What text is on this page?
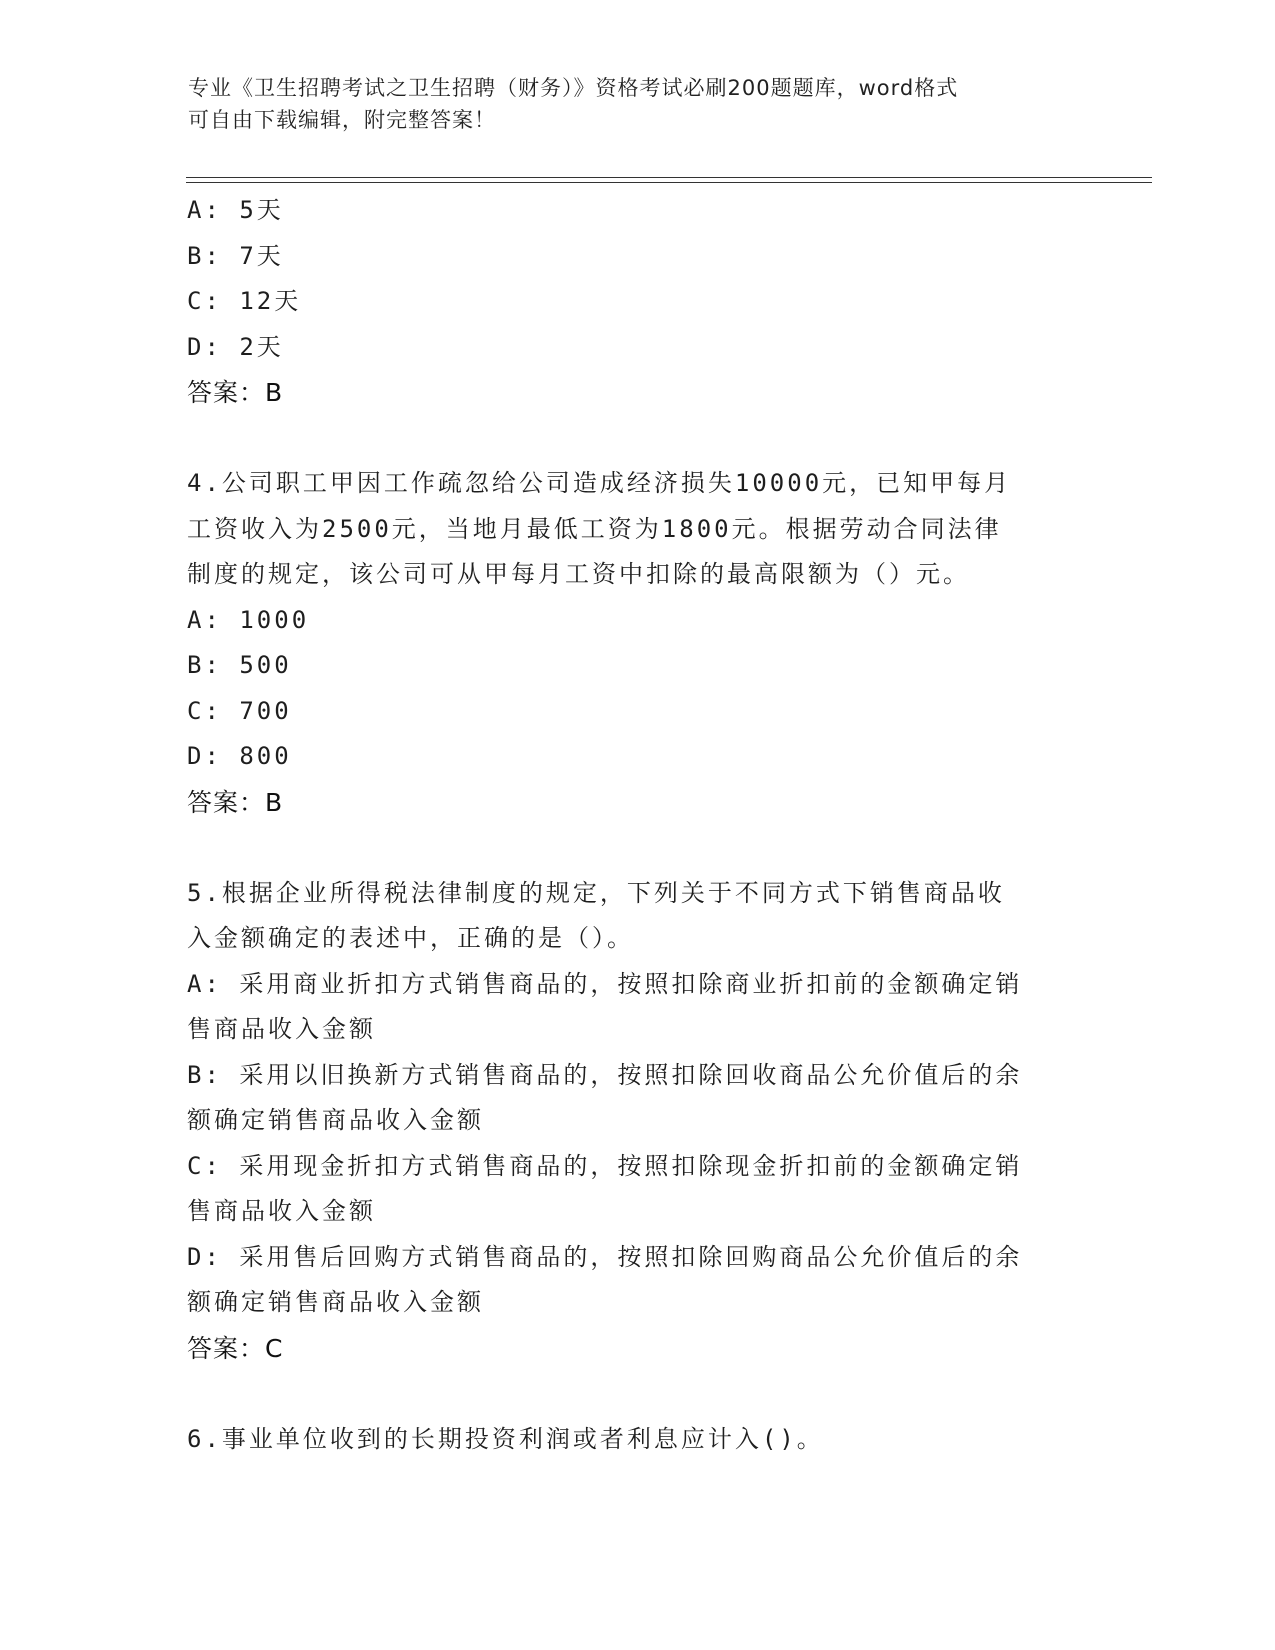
专业《卫生招聘考试之卫生招聘（财务）》资格考试必刷200题题库，word格式
可自由下载编辑，附完整答案！
A: 5天
B: 7天
C: 12天
D: 2天
答案：B
4.公司职工甲因工作疏忽给公司造成经济损失10000元，已知甲每月
工资收入为2500元，当地月最低工资为1800元。根据劳动合同法律
制度的规定，该公司可从甲每月工资中扣除的最高限额为（）元。
A: 1000
B: 500
C: 700
D: 800
答案：B
5.根据企业所得税法律制度的规定，下列关于不同方式下销售商品收
入金额确定的表述中，正确的是（）。
A: 采用商业折扣方式销售商品的，按照扣除商业折扣前的金额确定销
售商品收入金额
B: 采用以旧换新方式销售商品的，按照扣除回收商品公允价值后的余
额确定销售商品收入金额
C: 采用现金折扣方式销售商品的，按照扣除现金折扣前的金额确定销
售商品收入金额
D: 采用售后回购方式销售商品的，按照扣除回购商品公允价值后的余
额确定销售商品收入金额
答案：C
6.事业单位收到的长期投资利润或者利息应计入()。
